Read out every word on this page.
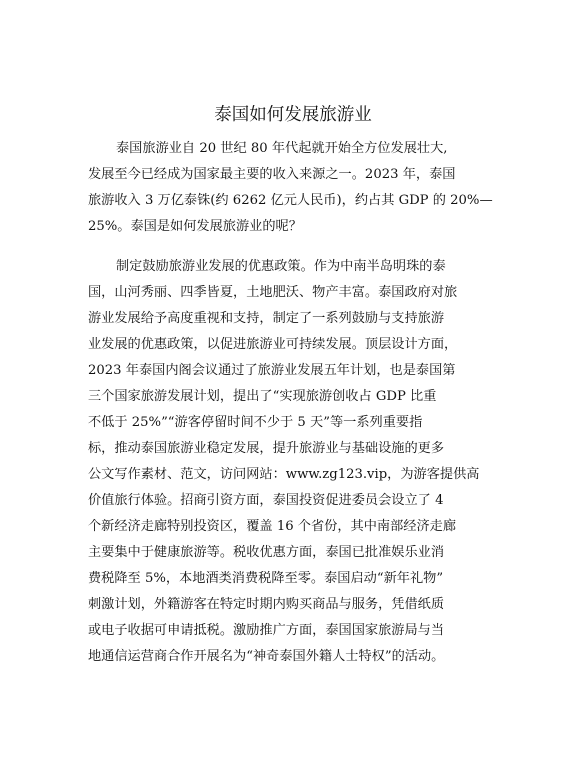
泰国如何发展旅游业
泰国旅游业自 20 世纪 80 年代起就开始全方位发展壮大,
发展至今已经成为国家最主要的收入来源之一。2023 年，泰国
旅游收入 3 万亿泰铢(约 6262 亿元人民币)，约占其 GDP 的 20%—
25%。泰国是如何发展旅游业的呢？
制定鼓励旅游业发展的优惠政策。作为中南半岛明珠的泰
国，山河秀丽、四季皆夏，土地肥沃、物产丰富。泰国政府对旅
游业发展给予高度重视和支持，制定了一系列鼓励与支持旅游
业发展的优惠政策，以促进旅游业可持续发展。顶层设计方面，
2023 年泰国内阁会议通过了旅游业发展五年计划，也是泰国第
三个国家旅游发展计划，提出了“实现旅游创收占 GDP 比重
不低于 25%”“游客停留时间不少于 5 天”等一系列重要指
标，推动泰国旅游业稳定发展，提升旅游业与基础设施的更多
公文写作素材、范文，访问网站：www.zg123.vip，为游客提供高
价值旅行体验。招商引资方面，泰国投资促进委员会设立了 4
个新经济走廊特别投资区，覆盖 16 个省份，其中南部经济走廊
主要集中于健康旅游等。税收优惠方面，泰国已批准娱乐业消
费税降至 5%，本地酒类消费税降至零。泰国启动“新年礼物”
刺激计划，外籍游客在特定时期内购买商品与服务，凭借纸质
或电子收据可申请抵税。激励推广方面，泰国国家旅游局与当
地通信运营商合作开展名为“神奇泰国外籍人士特权”的活动。
